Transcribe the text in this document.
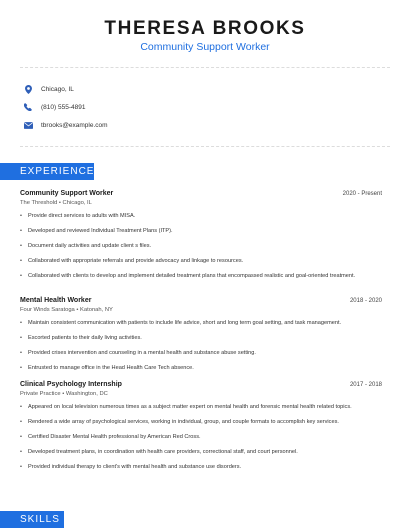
THERESA BROOKS
Community Support Worker
Chicago, IL
(810) 555-4891
tbrooks@example.com
EXPERIENCE
Community Support Worker	2020 - Present
The Threshold • Chicago, IL
• Provide direct services to adults with MISA.
• Developed and reviewed Individual Treatment Plans (ITP).
• Document daily activities and update client s files.
• Collaborated with appropriate referrals and provide advocacy and linkage to resources.
• Collaborated with clients to develop and implement detailed treatment plans that encompassed realistic and goal-oriented treatment.
Mental Health Worker	2018 - 2020
Four Winds Saratoga • Katonah, NY
• Maintain consistent communication with patients to include life advice, short and long term goal setting, and task management.
• Escorted patients to their daily living activities.
• Provided crises intervention and counseling in a mental health and substance abuse setting.
• Entrusted to manage office in the Head Health Care Tech absence.
Clinical Psychology Internship	2017 - 2018
Private Practice • Washington, DC
• Appeared on local television numerous times as a subject matter expert on mental health and forensic mental health related topics.
• Rendered a wide array of psychological services, working in individual, group, and couple formats to accomplish key services.
• Certified Disaster Mental Health professional by American Red Cross.
• Developed treatment plans, in coordination with health care providers, correctional staff, and court personnel.
• Provided individual therapy to client's with mental health and substance use disorders.
SKILLS
